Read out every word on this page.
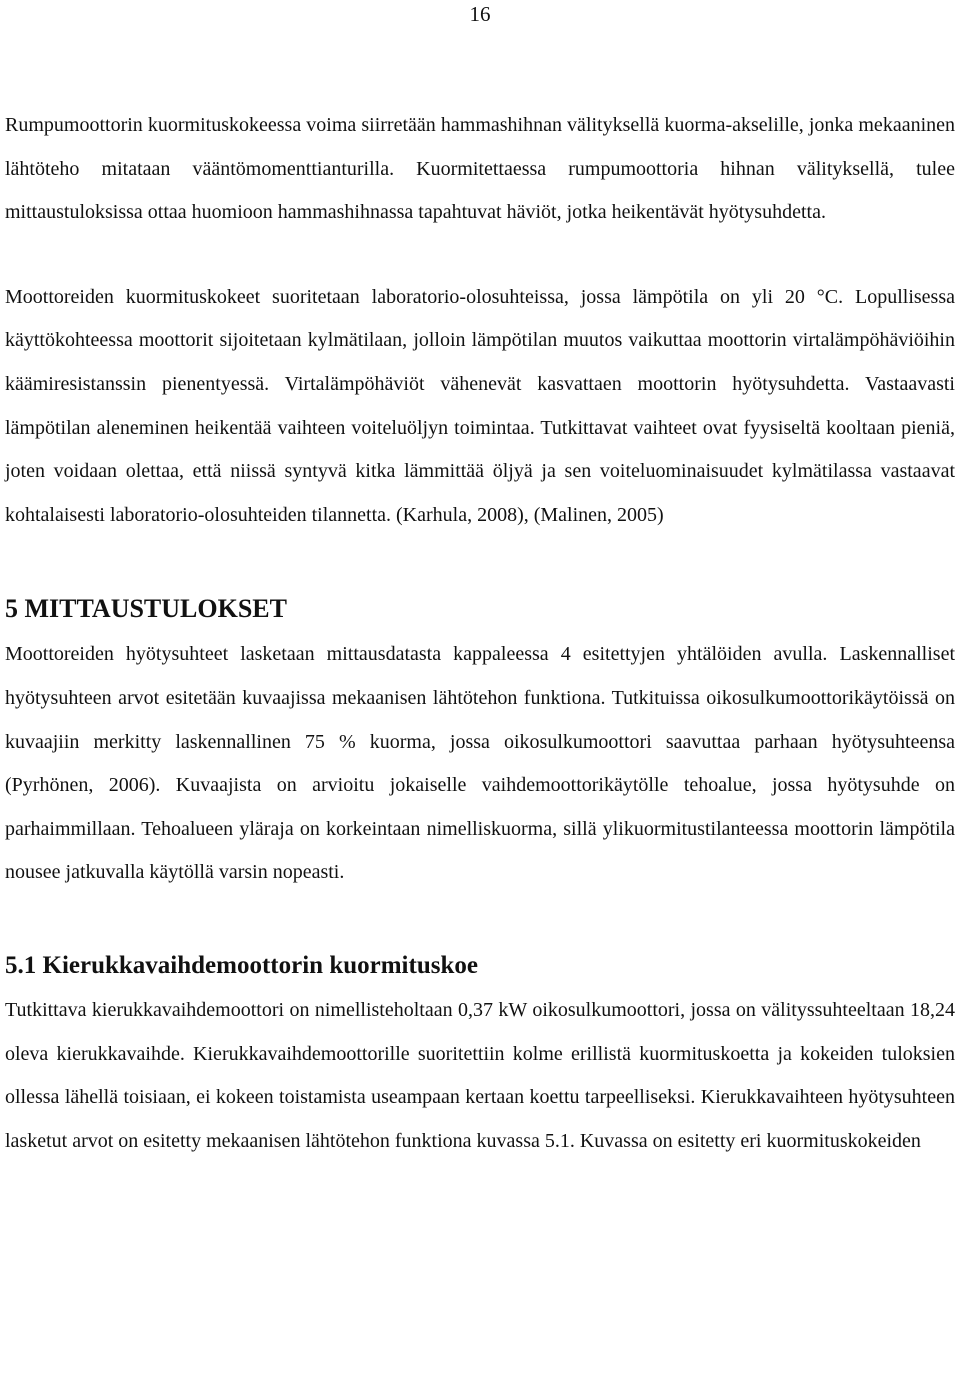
16

Rumpumoottorin kuormituskokeessa voima siirretään hammashihnan välityksellä kuorma-akselille, jonka mekaaninen lähtöteho mitataan vääntömomenttianturilla. Kuormitettaessa rumpumoottoria hihnan välityksellä, tulee mittaustuloksissa ottaa huomioon hammashihnassa tapahtuvat häviöt, jotka heikentävät hyötysuhdetta.

Moottoreiden kuormituskokeet suoritetaan laboratorio-olosuhteissa, jossa lämpötila on yli 20 °C. Lopullisessa käyttökohteessa moottorit sijoitetaan kylmätilaan, jolloin lämpötilan muutos vaikuttaa moottorin virtalämpöhäviöihin käämiresistanssin pienentyessä. Virtalämpöhäviöt vähenevät kasvattaen moottorin hyötysuhdetta. Vastaavasti lämpötilan aleneminen heikentää vaihteen voiteluöljyn toimintaa. Tutkittavat vaihteet ovat fyysiseltä kooltaan pieniä, joten voidaan olettaa, että niissä syntyvä kitka lämmittää öljyä ja sen voiteluominaisuudet kylmätilassa vastaavat kohtalaisesti laboratorio-olosuhteiden tilannetta. (Karhula, 2008), (Malinen, 2005)

5 MITTAUSTULOKSET

Moottoreiden hyötysuhteet lasketaan mittausdatasta kappaleessa 4 esitettyjen yhtälöiden avulla. Laskennalliset hyötysuhteen arvot esitetään kuvaajissa mekaanisen lähtötehon funktiona. Tutkituissa oikosulkumoottorikäytöissä on kuvaajiin merkitty laskennallinen 75 % kuorma, jossa oikosulkumoottori saavuttaa parhaan hyötysuhteensa (Pyrhönen, 2006). Kuvaajista on arvioitu jokaiselle vaihdemoottorikäytölle tehoalue, jossa hyötysuhde on parhaimmillaan. Tehoalueen yläraja on korkeintaan nimelliskuorma, sillä ylikuormitustilanteessa moottorin lämpötila nousee jatkuvalla käytöllä varsin nopeasti.

5.1 Kierukkavaihdemoottorin kuormituskoe

Tutkittava kierukkavaihdemoottori on nimellisteholtaan 0,37 kW oikosulkumoottori, jossa on välityssuhteeltaan 18,24 oleva kierukkavaihde. Kierukkavaihdemoottorille suoritettiin kolme erillistä kuormituskoetta ja kokeiden tuloksien ollessa lähellä toisiaan, ei kokeen toistamista useampaan kertaan koettu tarpeelliseksi. Kierukkavaihteen hyötysuhteen lasketut arvot on esitetty mekaanisen lähtötehon funktiona kuvassa 5.1. Kuvassa on esitetty eri kuormituskokeiden
